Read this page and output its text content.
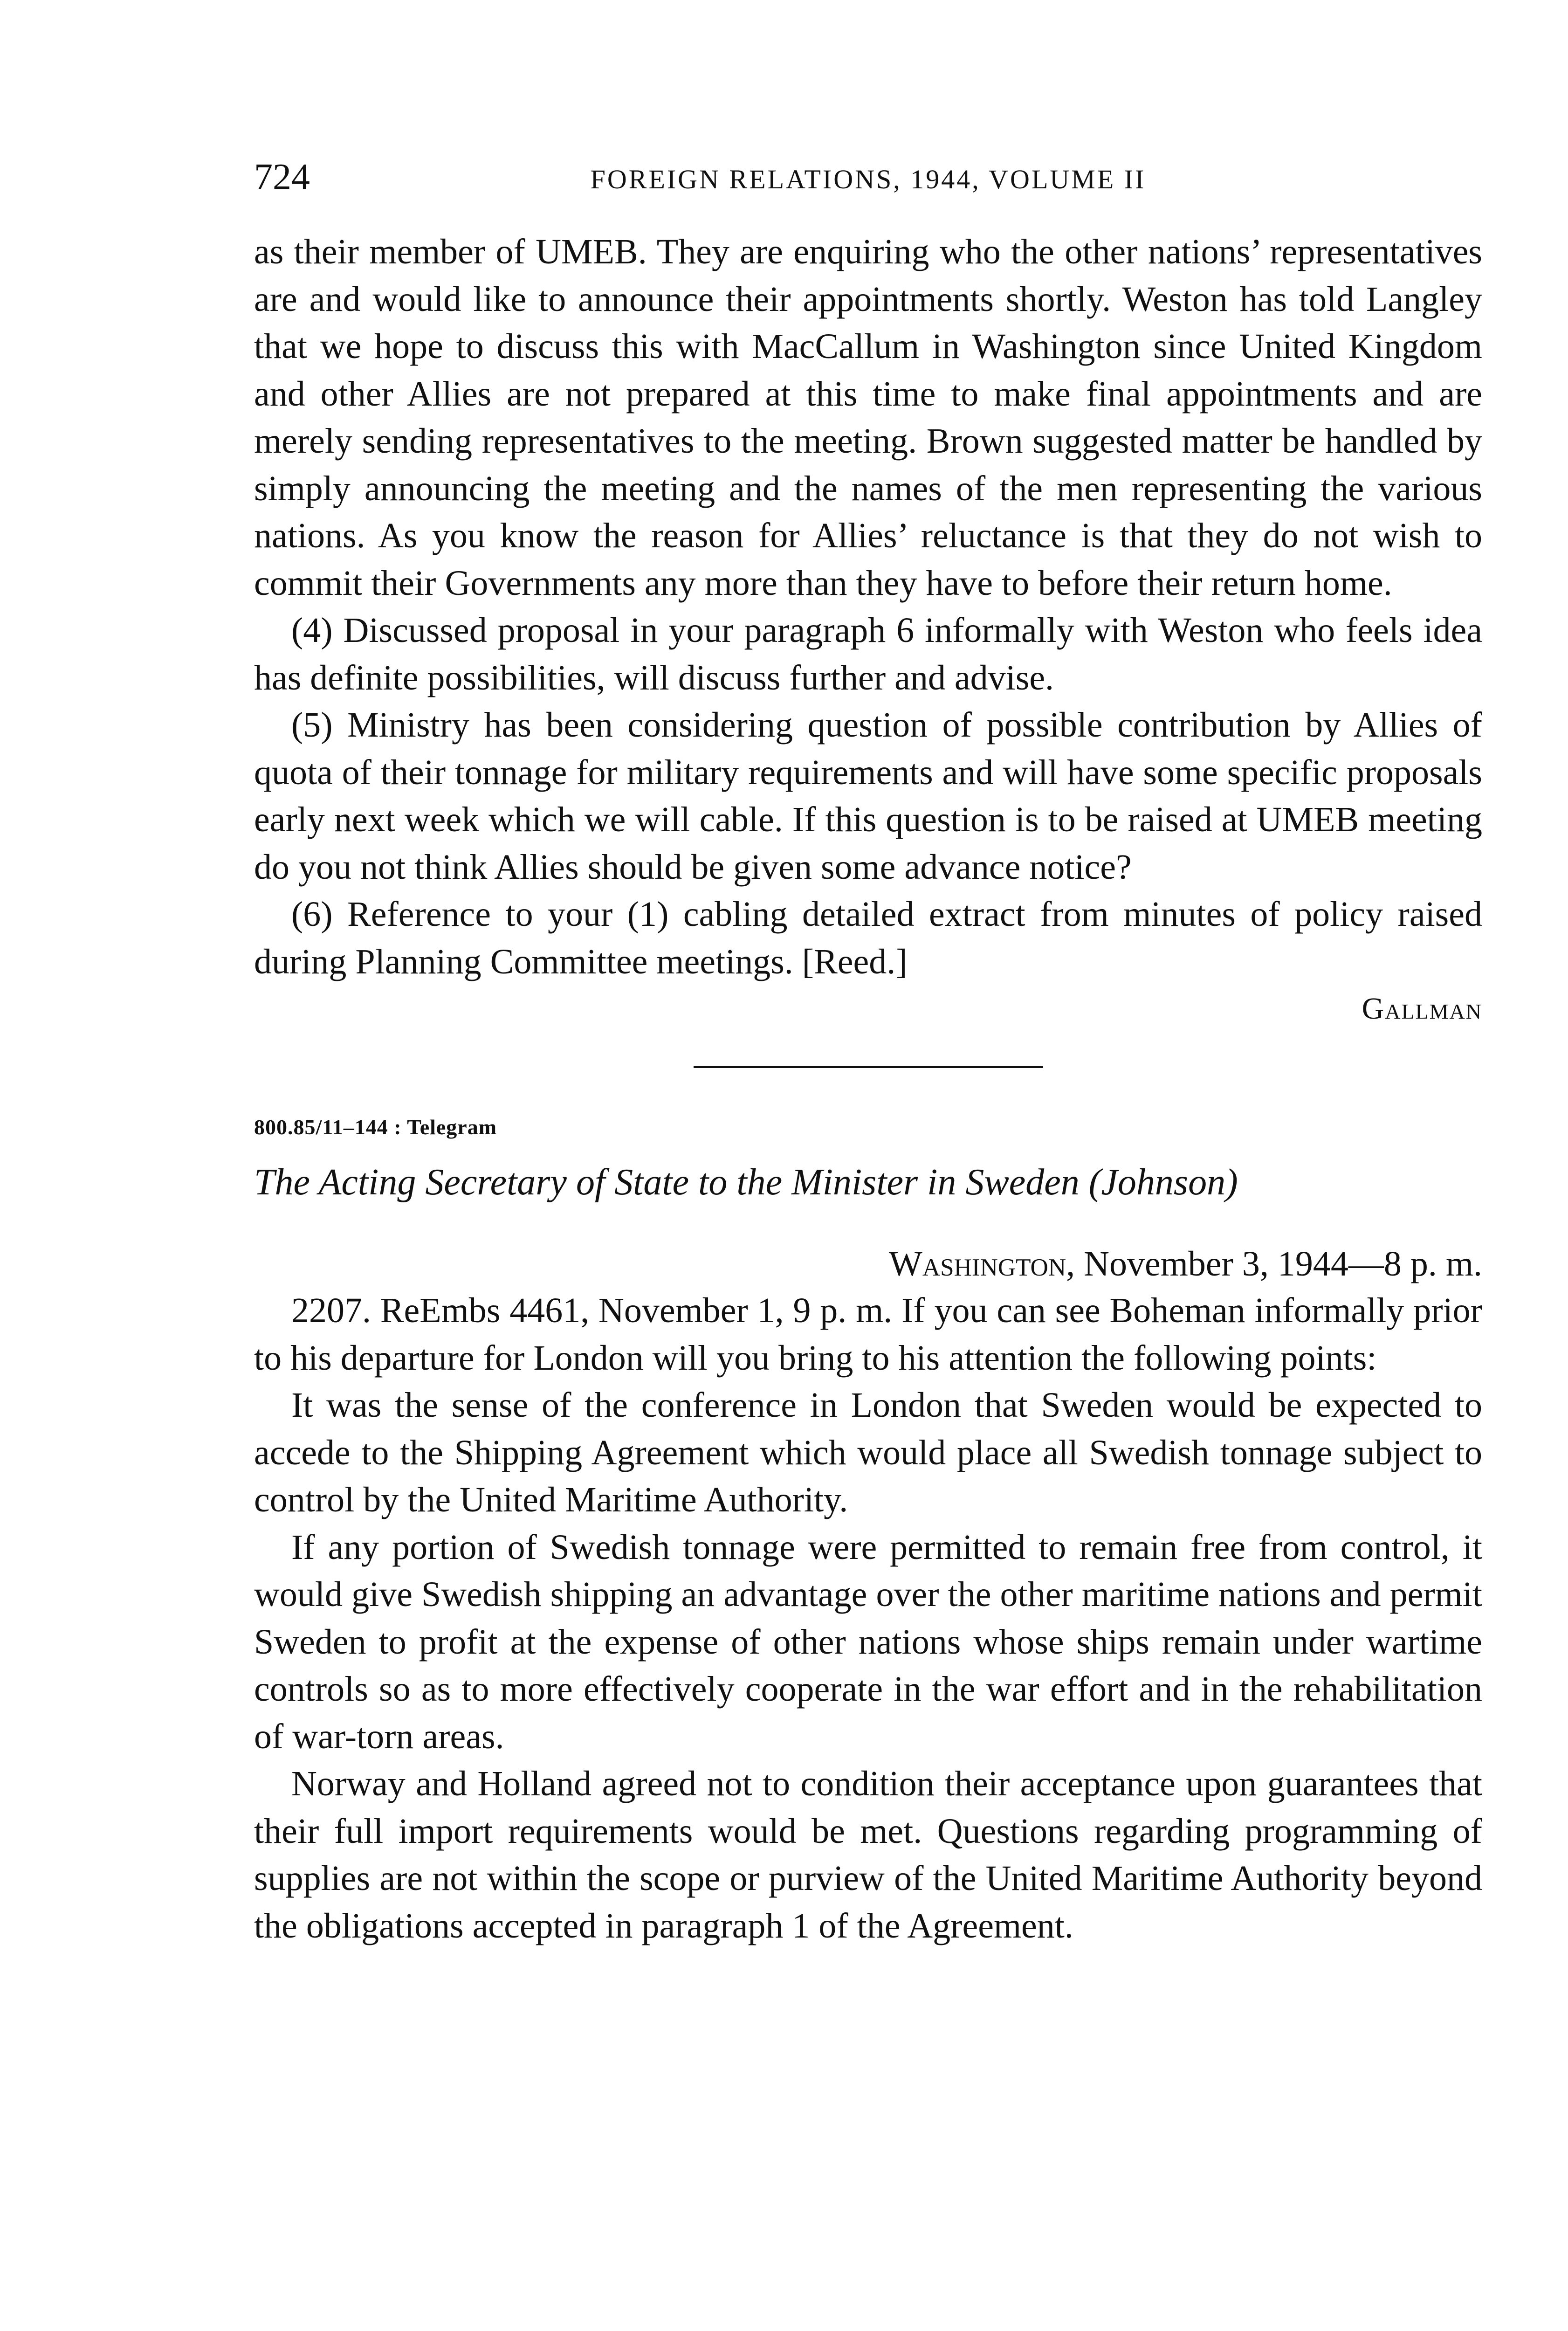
724	FOREIGN RELATIONS, 1944, VOLUME II

as their member of UMEB. They are enquiring who the other nations’ representatives are and would like to announce their appointments shortly. Weston has told Langley that we hope to discuss this with MacCallum in Washington since United Kingdom and other Allies are not prepared at this time to make final appointments and are merely sending representatives to the meeting. Brown suggested matter be handled by simply announcing the meeting and the names of the men representing the various nations. As you know the reason for Allies’ reluctance is that they do not wish to commit their Governments any more than they have to before their return home.

(4) Discussed proposal in your paragraph 6 informally with Weston who feels idea has definite possibilities, will discuss further and advise.

(5) Ministry has been considering question of possible contribution by Allies of quota of their tonnage for military requirements and will have some specific proposals early next week which we will cable. If this question is to be raised at UMEB meeting do you not think Allies should be given some advance notice?

(6) Reference to your (1) cabling detailed extract from minutes of policy raised during Planning Committee meetings. [Reed.]

Gallman

800.85/11–144 : Telegram

The Acting Secretary of State to the Minister in Sweden (Johnson)

Washington, November 3, 1944—8 p. m.

2207. ReEmbs 4461, November 1, 9 p. m. If you can see Boheman informally prior to his departure for London will you bring to his attention the following points:

It was the sense of the conference in London that Sweden would be expected to accede to the Shipping Agreement which would place all Swedish tonnage subject to control by the United Maritime Authority.

If any portion of Swedish tonnage were permitted to remain free from control, it would give Swedish shipping an advantage over the other maritime nations and permit Sweden to profit at the expense of other nations whose ships remain under wartime controls so as to more effectively cooperate in the war effort and in the rehabilitation of war-torn areas.

Norway and Holland agreed not to condition their acceptance upon guarantees that their full import requirements would be met. Questions regarding programming of supplies are not within the scope or purview of the United Maritime Authority beyond the obligations accepted in paragraph 1 of the Agreement.
